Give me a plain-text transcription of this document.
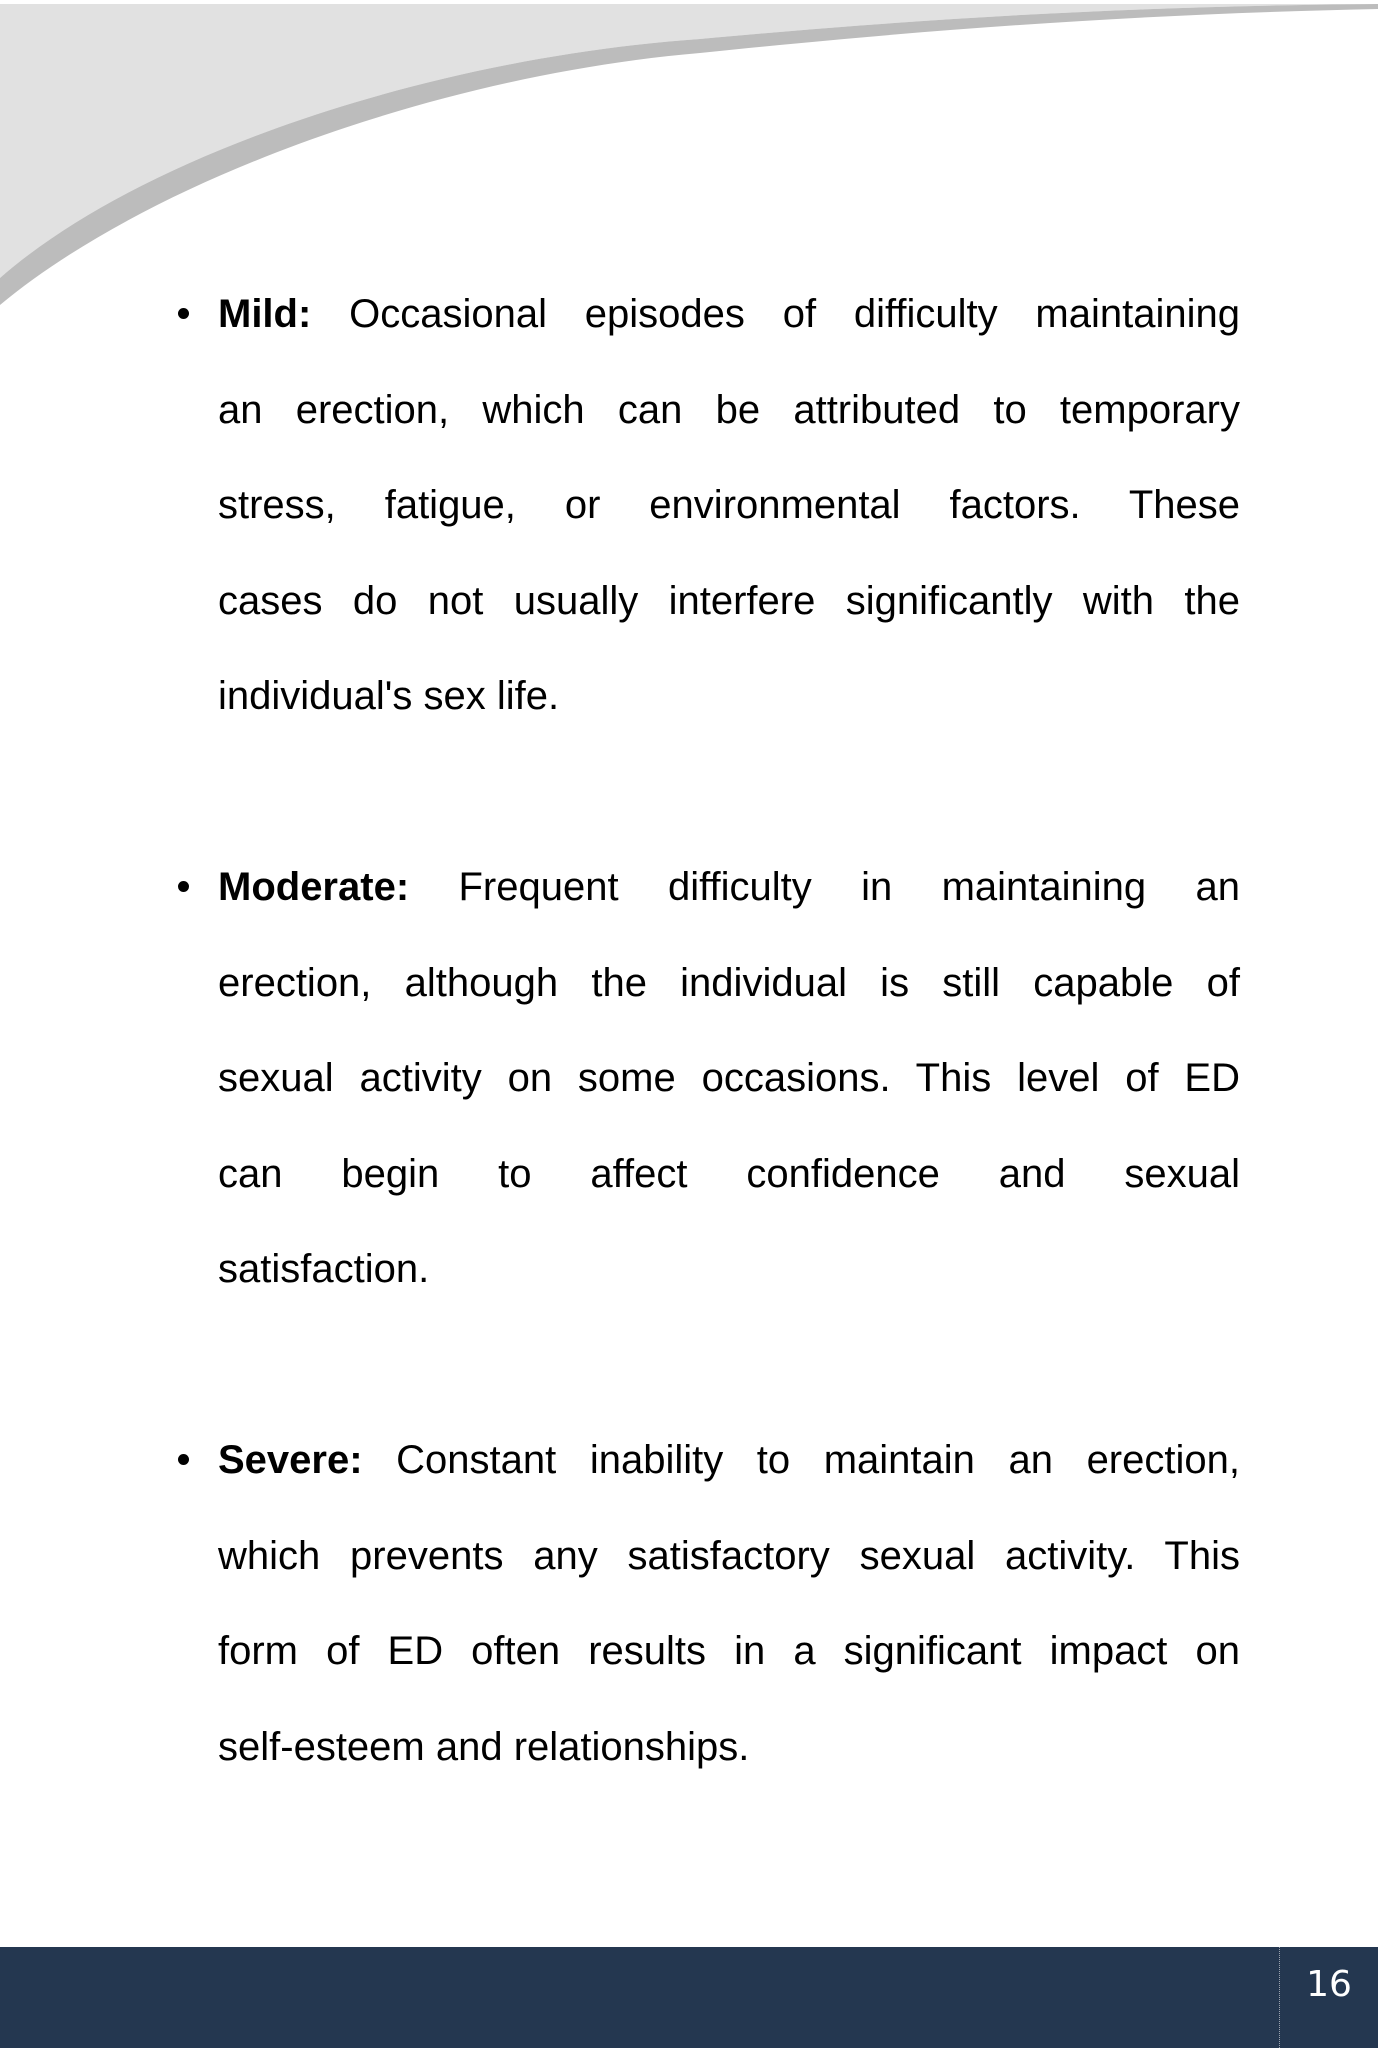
Mild: Occasional episodes of difficulty maintaining
an erection, which can be attributed to temporary
stress, fatigue, or environmental factors. These
cases do not usually interfere significantly with the
individual's sex life.
Moderate: Frequent difficulty in maintaining an
erection, although the individual is still capable of
sexual activity on some occasions. This level of ED
can begin to affect confidence and sexual
satisfaction.
Severe: Constant inability to maintain an erection,
which prevents any satisfactory sexual activity. This
form of ED often results in a significant impact on
self-esteem and relationships.
16
